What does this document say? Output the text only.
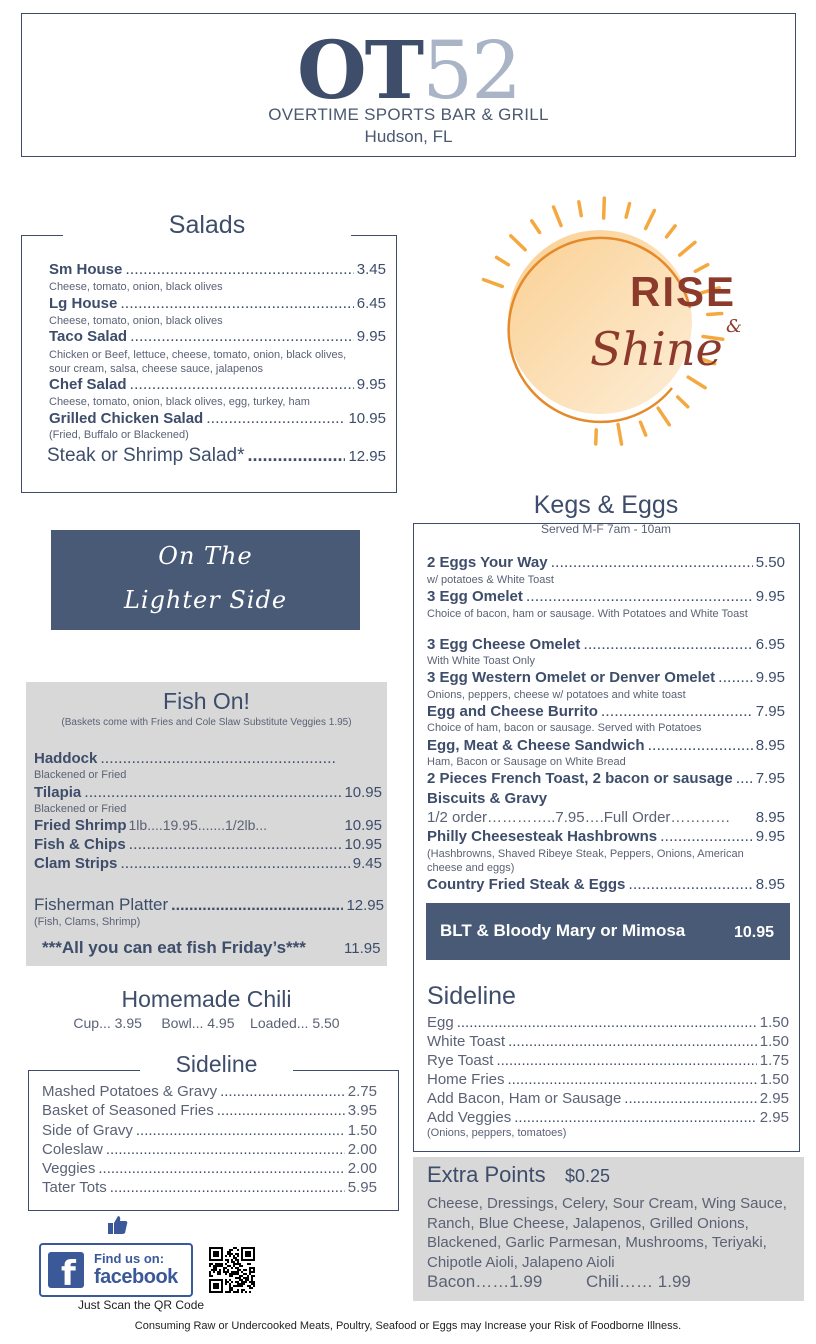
OT52
OVERTIME SPORTS BAR & GRILL
Hudson, FL
Salads
Sm House .....	3.45
Cheese, tomato, onion, black olives
Lg House .....	6.45
Cheese, tomato, onion, black olives
Taco Salad .....	9.95
Chicken or Beef, lettuce, cheese, tomato, onion, black olives, sour cream, salsa, cheese sauce, jalapenos
Chef Salad .....	9.95
Cheese, tomato, onion, black olives, egg, turkey, ham
Grilled Chicken Salad .....	10.95
(Fried, Buffalo or Blackened)
Steak or Shrimp Salad* .....	12.95
On The
Lighter Side
RISE
&
Shine
Kegs & Eggs
Served M-F 7am - 10am
2 Eggs Your Way .....	5.50
w/ potatoes & White Toast
3 Egg Omelet .....	9.95
Choice of bacon, ham or sausage. With Potatoes and White Toast
3 Egg Cheese Omelet .....	6.95
With White Toast Only
3 Egg Western Omelet or Denver Omelet .....	9.95
Onions, peppers, cheese w/ potatoes and white toast
Egg and Cheese Burrito .....	7.95
Choice of ham, bacon or sausage. Served with Potatoes
Egg, Meat & Cheese Sandwich .....	8.95
Ham, Bacon or Sausage on White Bread
2 Pieces French Toast, 2 bacon or sausage ..... 7.95
Biscuits & Gravy
1/2 order…………..7.95….Full Order………… 8.95
Philly Cheesesteak Hashbrowns .....	9.95
(Hashbrowns, Shaved Ribeye Steak, Peppers, Onions, American cheese and eggs)
Country Fried Steak & Eggs .....	8.95
BLT & Bloody Mary or Mimosa	10.95
Sideline
Egg .....	1.50
White Toast .....	1.50
Rye Toast .....	1.75
Home Fries .....	1.50
Add Bacon, Ham or Sausage .....	2.95
Add Veggies .....	2.95
(Onions, peppers, tomatoes)
Extra Points $0.25
Cheese, Dressings, Celery, Sour Cream, Wing Sauce, Ranch, Blue Cheese, Jalapenos, Grilled Onions, Blackened, Garlic Parmesan, Mushrooms, Teriyaki, Chipotle Aioli, Jalapeno Aioli
Bacon……1.99	Chili…… 1.99
Fish On!
(Baskets come with Fries and Cole Slaw Substitute Veggies 1.95)
Haddock
.....
Blackened or Fried
Tilapia .....	10.95
Blackened or Fried
Fried Shrimp 1lb....19.95.......1/2lb...	10.95
Fish & Chips .....	10.95
Clam Strips .....	9.45
Fisherman Platter .....	12.95
(Fish, Clams, Shrimp)
***All you can eat fish Friday’s***	11.95
Homemade Chili
Cup... 3.95     Bowl... 4.95    Loaded... 5.50
Sideline
Mashed Potatoes & Gravy .....	2.75
Basket of Seasoned Fries .....	3.95
Side of Gravy .....	1.50
Coleslaw .....	2.00
Veggies .....	2.00
Tater Tots .....	5.95
f Find us on:
facebook
Just Scan the QR Code
Consuming Raw or Undercooked Meats, Poultry, Seafood or Eggs may Increase your Risk of Foodborne Illness.
